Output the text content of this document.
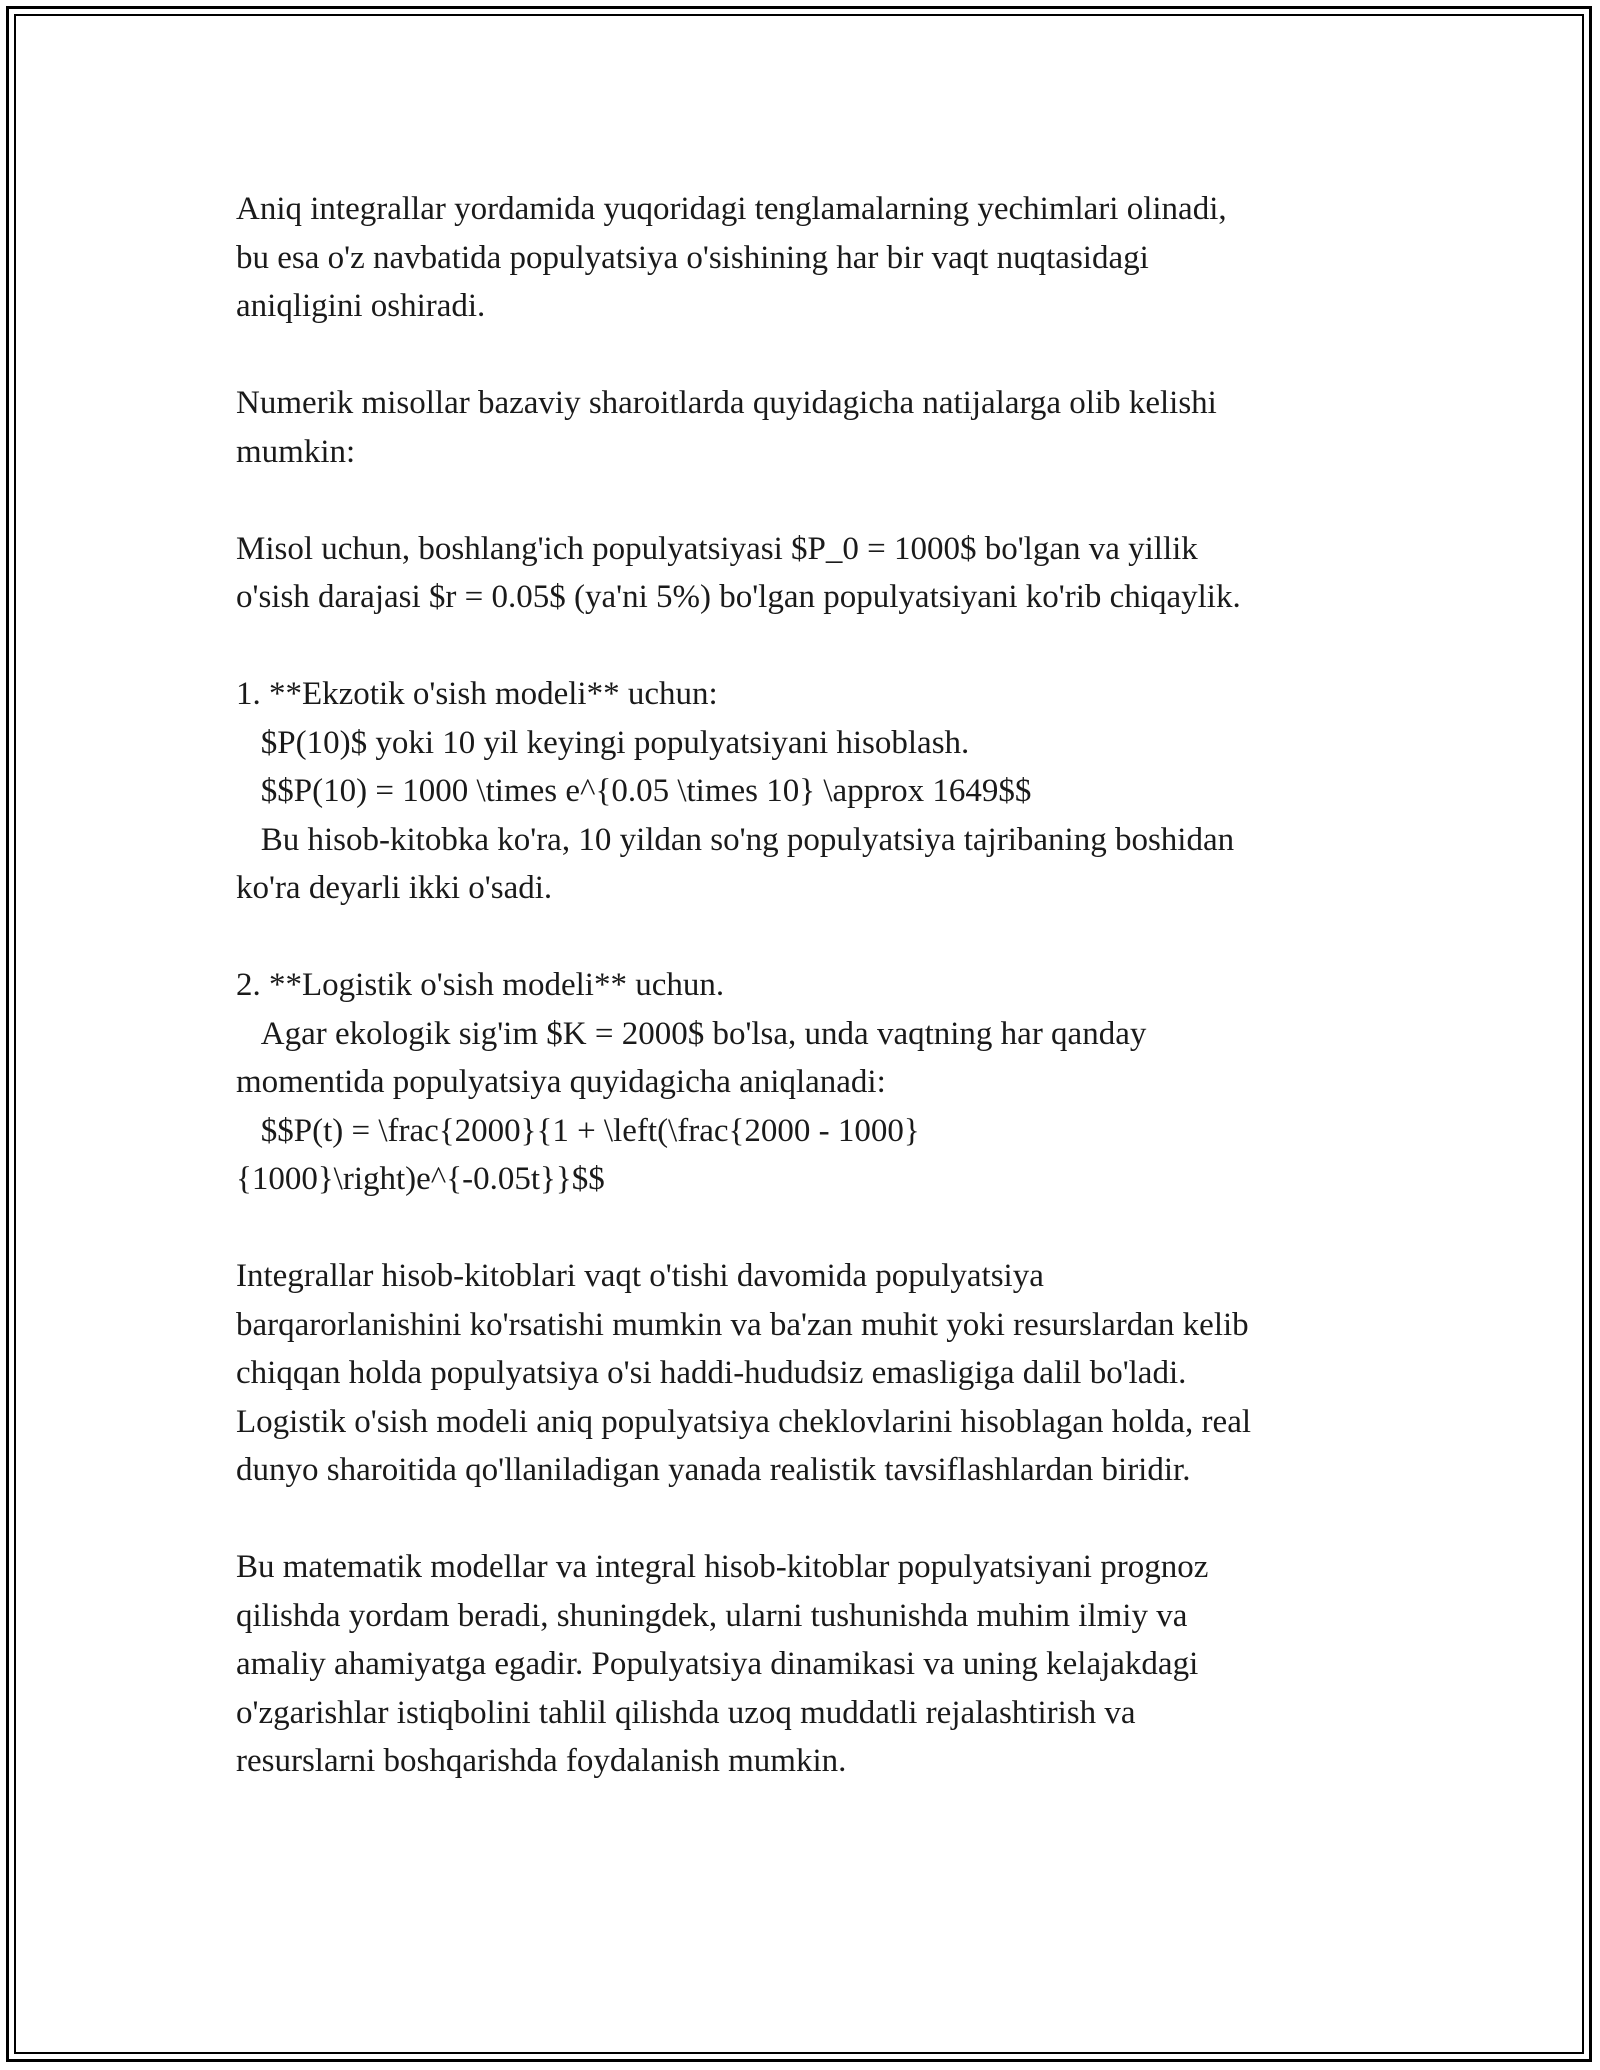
Aniq integrallar yordamida yuqoridagi tenglamalarning yechimlari olinadi,
bu esa o'z navbatida populyatsiya o'sishining har bir vaqt nuqtasidagi
aniqligini oshiradi.

Numerik misollar bazaviy sharoitlarda quyidagicha natijalarga olib kelishi
mumkin:

Misol uchun, boshlang'ich populyatsiyasi $P_0 = 1000$ bo'lgan va yillik
o'sish darajasi $r = 0.05$ (ya'ni 5%) bo'lgan populyatsiyani ko'rib chiqaylik.

1. **Ekzotik o'sish modeli** uchun:
$P(10)$ yoki 10 yil keyingi populyatsiyani hisoblash.
$$P(10) = 1000 \times e^{0.05 \times 10} \approx 1649$$
Bu hisob-kitobka ko'ra, 10 yildan so'ng populyatsiya tajribaning boshidan
ko'ra deyarli ikki o'sadi.

2. **Logistik o'sish modeli** uchun.
Agar ekologik sig'im $K = 2000$ bo'lsa, unda vaqtning har qanday
momentida populyatsiya quyidagicha aniqlanadi:
$$P(t) = \frac{2000}{1 + \left(\frac{2000 - 1000}
{1000}\right)e^{-0.05t}}$$

Integrallar hisob-kitoblari vaqt o'tishi davomida populyatsiya
barqarorlanishini ko'rsatishi mumkin va ba'zan muhit yoki resurslardan kelib
chiqqan holda populyatsiya o'si haddi-hududsiz emasligiga dalil bo'ladi.
Logistik o'sish modeli aniq populyatsiya cheklovlarini hisoblagan holda, real
dunyo sharoitida qo'llaniladigan yanada realistik tavsiflashlardan biridir.

Bu matematik modellar va integral hisob-kitoblar populyatsiyani prognoz
qilishda yordam beradi, shuningdek, ularni tushunishda muhim ilmiy va
amaliy ahamiyatga egadir. Populyatsiya dinamikasi va uning kelajakdagi
o'zgarishlar istiqbolini tahlil qilishda uzoq muddatli rejalashtirish va
resurslarni boshqarishda foydalanish mumkin.
